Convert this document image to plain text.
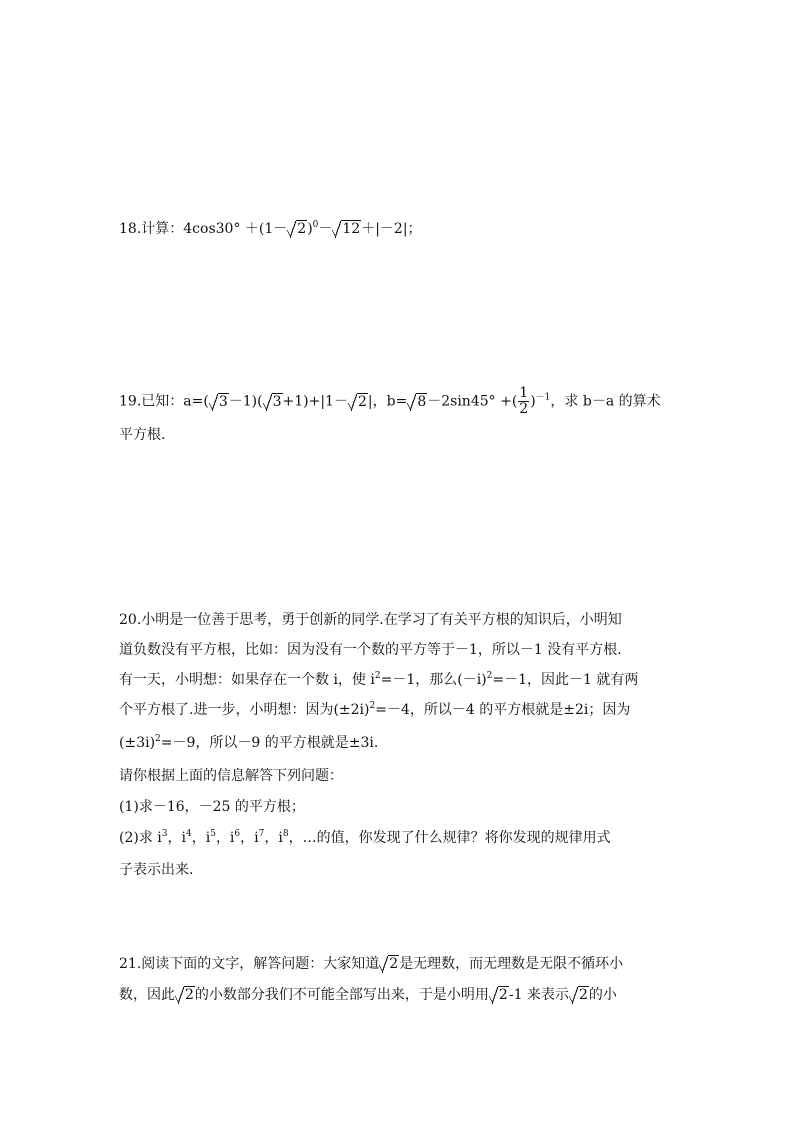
18.计算：$4\cos 30^\circ +(1- 2)^0- 12+|-2|$；
19.已知：a=( 3－1)( 3+1)+|1－ 2|，b= 8－2sin45° +( $\frac{1}{2} )^{-1}$，求 b－a 的算术
平方根.
20.小明是一位善于思考，勇于创新的同学.在学习了有关平方根的知识后，小明知
道负数没有平方根，比如：因为没有一个数的平方等于－1，所以－1 没有平方根.
有一天，小明想：如果存在一个数 i，使 $i^2=-1$，那么$(-i)^2=-1$，因此－1 就有两
个平方根了.进一步，小明想：因为$(\pm 2i)^2=-4$，所以－4 的平方根就是±2i；因为
$(\pm 3i)^2=-9$，所以－9 的平方根就是±3i.
请你根据上面的信息解答下列问题：
(1)求－16，－25 的平方根；
(2)求 $i^3$，$i^4$，$i^5$，$i^6$，$i^7$，$i^8$，…的值，你发现了什么规律？将你发现的规律用式
子表示出来.
21.阅读下面的文字，解答问题：大家知道 2是无理数，而无理数是无限不循环小
数，因此 2的小数部分我们不可能全部写出来，于是小明用 2-1 来表示 2的小
